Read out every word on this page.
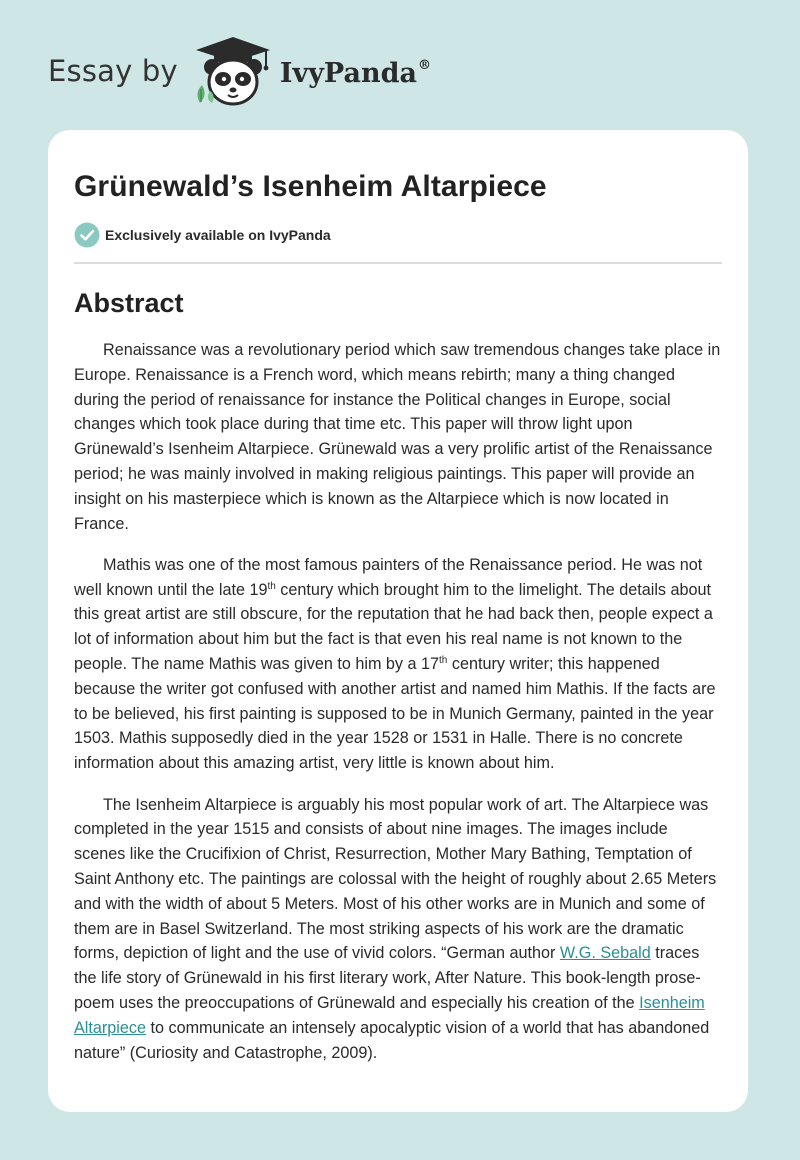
Essay by	IvyPanda®
Grünewald’s Isenheim Altarpiece
Exclusively available on IvyPanda
Abstract

Renaissance was a revolutionary period which saw tremendous changes take place in Europe. Renaissance is a French word, which means rebirth; many a thing changed during the period of renaissance for instance the Political changes in Europe, social changes which took place during that time etc. This paper will throw light upon Grünewald’s Isenheim Altarpiece. Grünewald was a very prolific artist of the Renaissance period; he was mainly involved in making religious paintings. This paper will provide an insight on his masterpiece which is known as the Altarpiece which is now located in France.

Mathis was one of the most famous painters of the Renaissance period. He was not well known until the late 19th century which brought him to the limelight. The details about this great artist are still obscure, for the reputation that he had back then, people expect a lot of information about him but the fact is that even his real name is not known to the people. The name Mathis was given to him by a 17th century writer; this happened because the writer got confused with another artist and named him Mathis. If the facts are to be believed, his first painting is supposed to be in Munich Germany, painted in the year 1503. Mathis supposedly died in the year 1528 or 1531 in Halle. There is no concrete information about this amazing artist, very little is known about him.

The Isenheim Altarpiece is arguably his most popular work of art. The Altarpiece was completed in the year 1515 and consists of about nine images. The images include scenes like the Crucifixion of Christ, Resurrection, Mother Mary Bathing, Temptation of Saint Anthony etc. The paintings are colossal with the height of roughly about 2.65 Meters and with the width of about 5 Meters. Most of his other works are in Munich and some of them are in Basel Switzerland. The most striking aspects of his work are the dramatic forms, depiction of light and the use of vivid colors. “German author W.G. Sebald traces the life story of Grünewald in his first literary work, After Nature. This book-length prose-poem uses the preoccupations of Grünewald and especially his creation of the Isenheim Altarpiece to communicate an intensely apocalyptic vision of a world that has abandoned nature” (Curiosity and Catastrophe, 2009).
